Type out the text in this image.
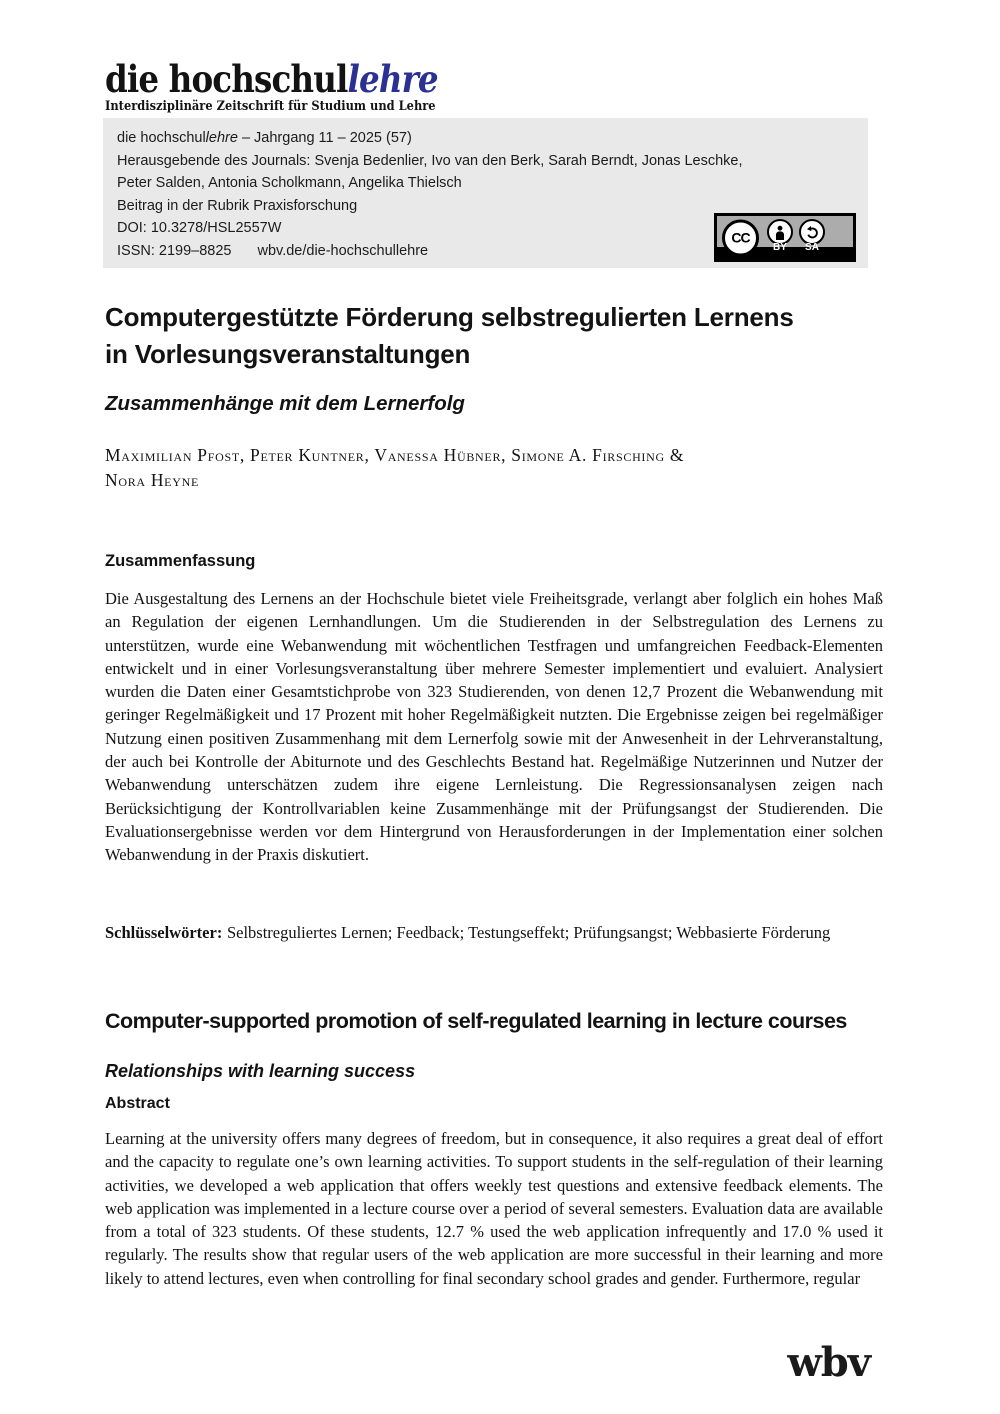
die hochschullehre
Interdisziplinäre Zeitschrift für Studium und Lehre

die hochschullehre – Jahrgang 11 – 2025 (57)

Herausgebende des Journals: Svenja Bedenlier, Ivo van den Berk, Sarah Berndt, Jonas Leschke,

Peter Salden, Antonia Scholkmann, Angelika Thielsch

Beitrag in der Rubrik Praxisforschung

DOI: 10.3278/HSL2557W

ISSN: 2199–8825 wbv.de/die-hochschullehre

CC
BY	SA
Computergestützte Förderung selbstregulierten Lernens in Vorlesungsveranstaltungen
Zusammenhänge mit dem Lernerfolg
Maximilian Pfost, Peter Kuntner, Vanessa Hübner, Simone A. Firsching &
Nora Heyne
Zusammenfassung

Die Ausgestaltung des Lernens an der Hochschule bietet viele Freiheitsgrade, verlangt aber folglich ein hohes Maß an Regulation der eigenen Lernhandlungen. Um die Studierenden in der Selbstregulation des Lernens zu unterstützen, wurde eine Webanwendung mit wöchentlichen Testfragen und umfangreichen Feedback-Elementen entwickelt und in einer Vorlesungsveranstaltung über mehrere Semester implementiert und evaluiert. Analysiert wurden die Daten einer Gesamtstichprobe von 323 Studierenden, von denen 12,7 Prozent die Webanwendung mit geringer Regelmäßigkeit und 17 Prozent mit hoher Regelmäßigkeit nutzten. Die Ergebnisse zeigen bei regelmäßiger Nutzung einen positiven Zusammenhang mit dem Lernerfolg sowie mit der Anwesenheit in der Lehrveranstaltung, der auch bei Kontrolle der Abiturnote und des Geschlechts Bestand hat. Regelmäßige Nutzerinnen und Nutzer der Webanwendung unterschätzen zudem ihre eigene Lernleistung. Die Regressionsanalysen zeigen nach Berücksichtigung der Kontrollvariablen keine Zusammenhänge mit der Prüfungsangst der Studierenden. Die Evaluationsergebnisse werden vor dem Hintergrund von Herausforderungen in der Implementation einer solchen Webanwendung in der Praxis diskutiert.

Schlüsselwörter: Selbstreguliertes Lernen; Feedback; Testungseffekt; Prüfungsangst; Webbasierte Förderung

Computer-supported promotion of self-regulated learning in lecture courses
Relationships with learning success
Abstract

Learning at the university offers many degrees of freedom, but in consequence, it also requires a great deal of effort and the capacity to regulate one’s own learning activities. To support students in the self-regulation of their learning activities, we developed a web application that offers weekly test questions and extensive feedback elements. The web application was implemented in a lecture course over a period of several semesters. Evaluation data are available from a total of 323 students. Of these students, 12.7 % used the web application infrequently and 17.0 % used it regularly. The results show that regular users of the web application are more successful in their learning and more likely to attend lectures, even when controlling for final secondary school grades and gender. Furthermore, regular

wbv
